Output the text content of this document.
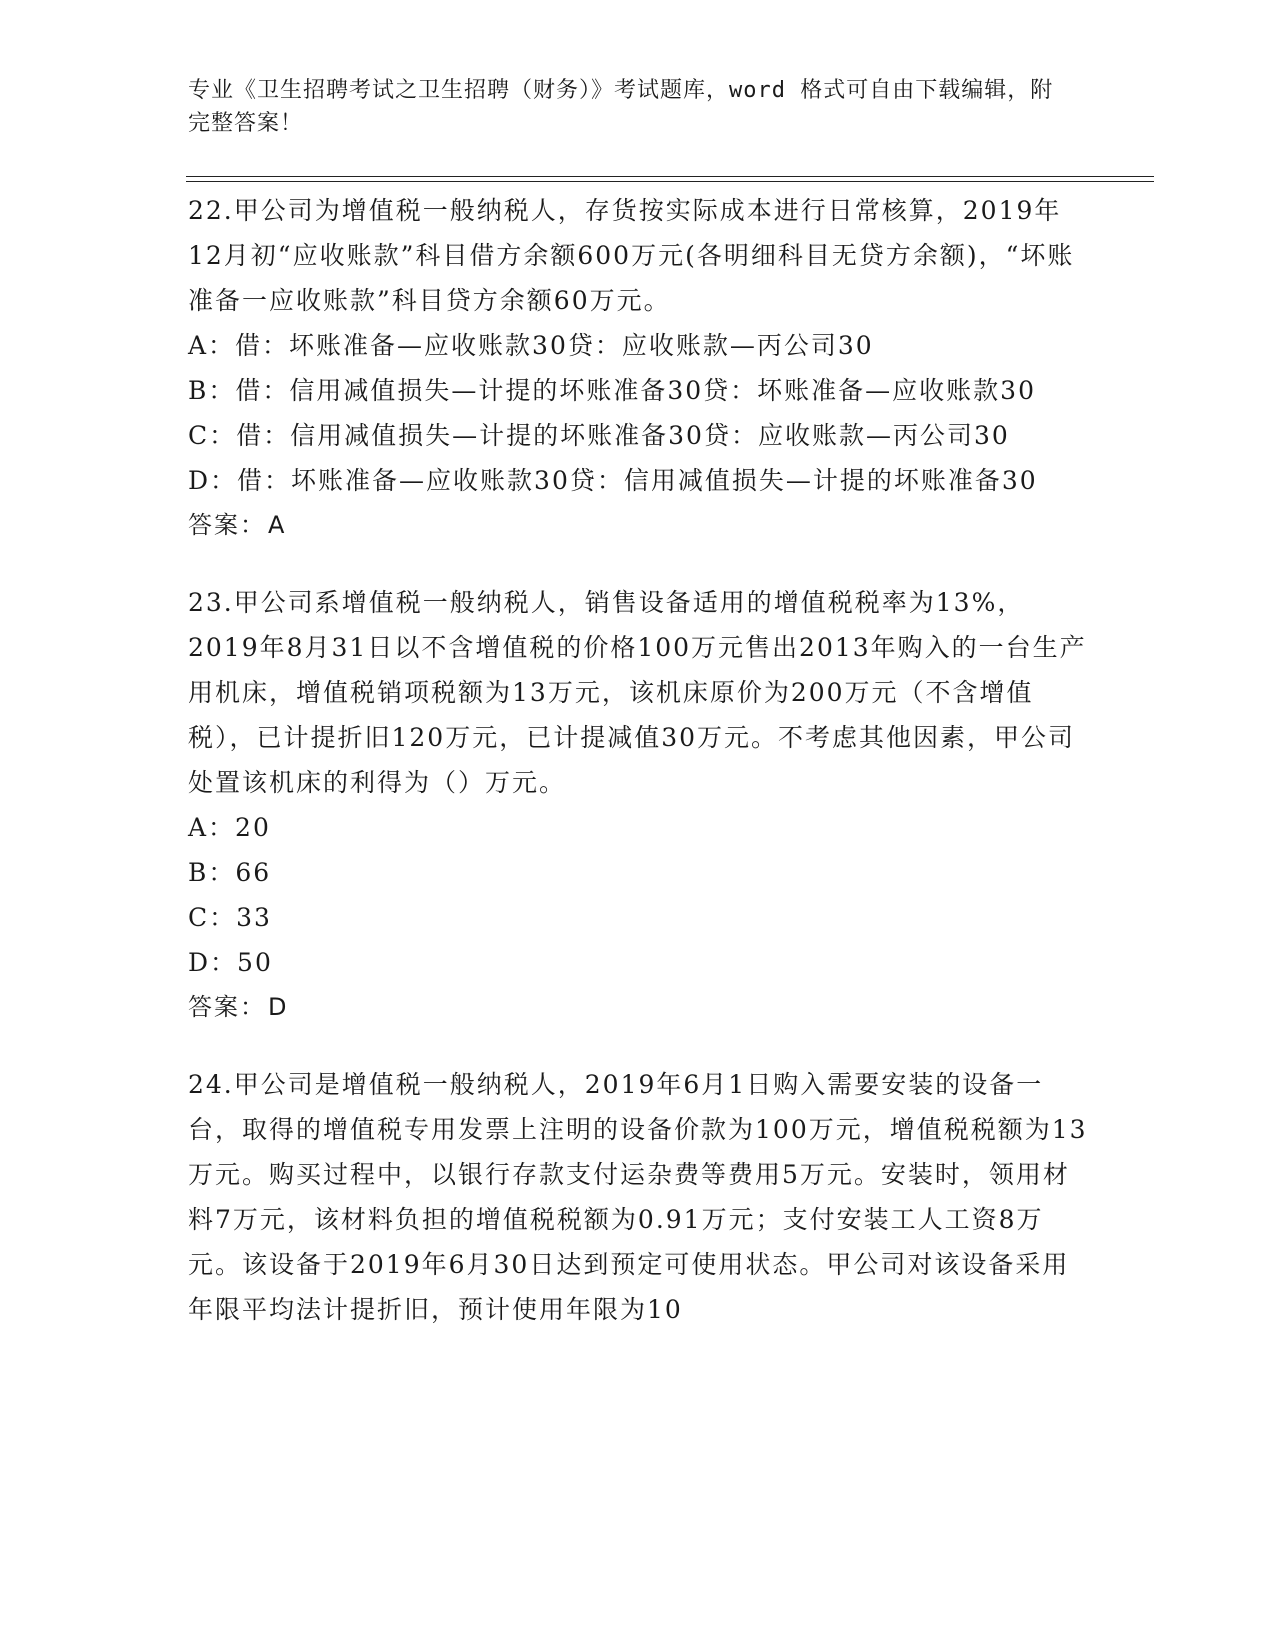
专业《卫生招聘考试之卫生招聘（财务）》考试题库，word 格式可自由下载编辑，附完整答案！

22.甲公司为增值税一般纳税人，存货按实际成本进行日常核算，2019年12月初“应收账款”科目借方余额600万元(各明细科目无贷方余额)，“坏账准备一应收账款”科目贷方余额60万元。

A：借：坏账准备—应收账款30贷：应收账款—丙公司30

B：借：信用减值损失—计提的坏账准备30贷：坏账准备—应收账款30

C：借：信用减值损失—计提的坏账准备30贷：应收账款—丙公司30

D：借：坏账准备—应收账款30贷：信用减值损失—计提的坏账准备30

答案：A

23.甲公司系增值税一般纳税人，销售设备适用的增值税税率为13%，2019年8月31日以不含增值税的价格100万元售出2013年购入的一台生产用机床，增值税销项税额为13万元，该机床原价为200万元（不含增值税），已计提折旧120万元，已计提减值30万元。不考虑其他因素，甲公司处置该机床的利得为（）万元。

A：20

B：66

C：33

D：50

答案：D

24.甲公司是增值税一般纳税人，2019年6月1日购入需要安装的设备一台，取得的增值税专用发票上注明的设备价款为100万元，增值税税额为13万元。购买过程中，以银行存款支付运杂费等费用5万元。安装时，领用材料7万元，该材料负担的增值税税额为0.91万元；支付安装工人工资8万元。该设备于2019年6月30日达到预定可使用状态。甲公司对该设备采用年限平均法计提折旧，预计使用年限为10
